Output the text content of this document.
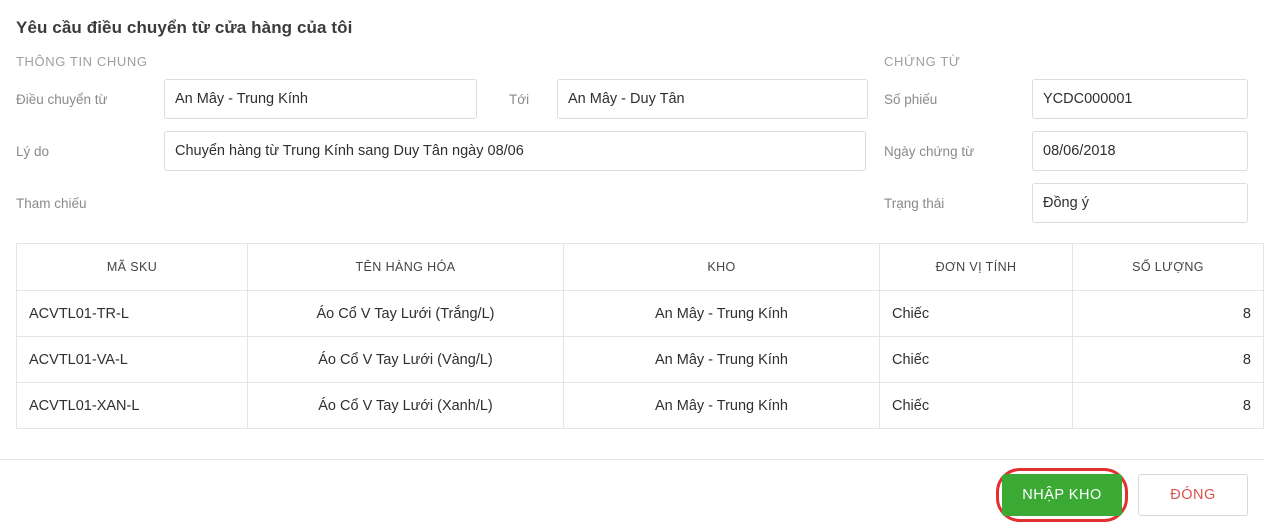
Yêu cầu điều chuyển từ cửa hàng của tôi
THÔNG TIN CHUNG
Điều chuyển từ	An Mây - Trung Kính	Tới	An Mây - Duy Tân
Lý do	Chuyển hàng từ Trung Kính sang Duy Tân ngày 08/06
Tham chiếu
CHỨNG TỪ
Số phiếu	YCDC000001
Ngày chứng từ	08/06/2018
Trạng thái	Đồng ý
MÃ SKU	TÊN HÀNG HÓA	KHO	ĐƠN VỊ TÍNH	SỐ LƯỢNG
ACVTL01-TR-L	Áo Cổ V Tay Lưới (Trắng/L)	An Mây - Trung Kính	Chiếc	8
ACVTL01-VA-L	Áo Cổ V Tay Lưới (Vàng/L)	An Mây - Trung Kính	Chiếc	8
ACVTL01-XAN-L	Áo Cổ V Tay Lưới (Xanh/L)	An Mây - Trung Kính	Chiếc	8
NHẬP KHO	ĐÓNG
